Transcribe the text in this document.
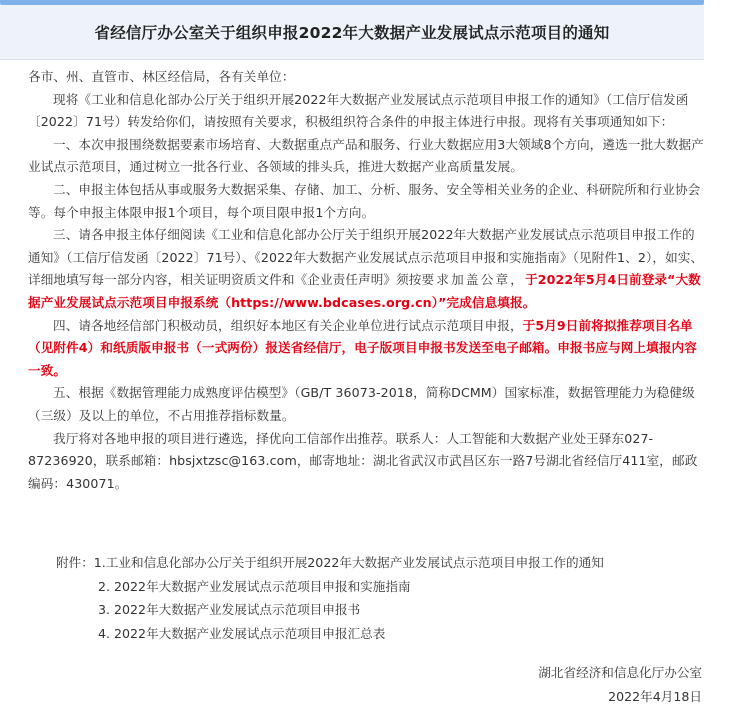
省经信厅办公室关于组织申报2022年大数据产业发展试点示范项目的通知

各市、州、直管市、林区经信局，各有关单位：

现将《工业和信息化部办公厅关于组织开展2022年大数据产业发展试点示范项目申报工作的通知》（工信厅信发函〔2022〕71号）转发给你们，请按照有关要求，积极组织符合条件的申报主体进行申报。现将有关事项通知如下：

一、本次申报围绕数据要素市场培育、大数据重点产品和服务、行业大数据应用3大领域8个方向，遴选一批大数据产业试点示范项目，通过树立一批各行业、各领域的排头兵，推进大数据产业高质量发展。

二、申报主体包括从事或服务大数据采集、存储、加工、分析、服务、安全等相关业务的企业、科研院所和行业协会等。每个申报主体限申报1个项目，每个项目限申报1个方向。

三、请各申报主体仔细阅读《工业和信息化部办公厅关于组织开展2022年大数据产业发展试点示范项目申报工作的通知》（工信厅信发函〔2022〕71号）、《2022年大数据产业发展试点示范项目申报和实施指南》（见附件1、2），如实、详细地填写每一部分内容，相关证明资质文件和《企业责任声明》须按要求加盖公章，于2022年5月4日前登录“大数据产业发展试点示范项目申报系统（https://www.bdcases.org.cn）”完成信息填报。

四、请各地经信部门积极动员，组织好本地区有关企业单位进行试点示范项目申报，于5月9日前将拟推荐项目名单（见附件4）和纸质版申报书（一式两份）报送省经信厅，电子版项目申报书发送至电子邮箱。申报书应与网上填报内容一致。

五、根据《数据管理能力成熟度评估模型》（GB/T 36073-2018，简称DCMM）国家标准，数据管理能力为稳健级（三级）及以上的单位，不占用推荐指标数量。

我厅将对各地申报的项目进行遴选，择优向工信部作出推荐。联系人：人工智能和大数据产业处王驿东027-87236920，联系邮箱：hbsjxtzsc@163.com，邮寄地址：湖北省武汉市武昌区东一路7号湖北省经信厅411室，邮政编码：430071。

附件：1.工业和信息化部办公厅关于组织开展2022年大数据产业发展试点示范项目申报工作的通知
2. 2022年大数据产业发展试点示范项目申报和实施指南
3. 2022年大数据产业发展试点示范项目申报书
4. 2022年大数据产业发展试点示范项目申报汇总表
湖北省经济和信息化厅办公室
2022年4月18日
